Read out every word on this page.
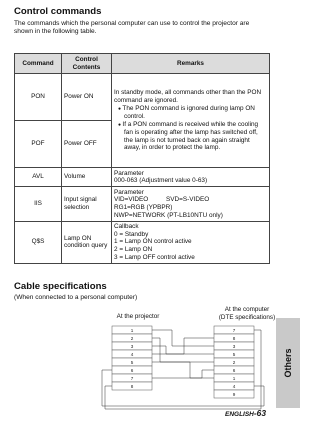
Control commands
The commands which the personal computer can use to control the projector are shown in the following table.
Command	Control Contents	Remarks
PON	Power ON	In standby mode, all commands other than the PON command are ignored.
● The PON command is ignored during lamp ON control.
● If a PON command is received while the cooling fan is operating after the lamp has switched off, the lamp is not turned back on again straight away, in order to protect the lamp.

POF	Power OFF	
AVL	Volume	Parameter
000-063 (Adjustment value 0-63)

IIS	Input signal selection	Parameter
VID=VIDEO          SVD=S-VIDEO
RG1=RGB (YPBPR)
NWP=NETWORK (PT-LB10NTU only)

Q$S	Lamp ON condition query	Callback
0 = Standby
1 = Lamp ON control active
2 = Lamp ON
3 = Lamp OFF control active
Cable specifications
(When connected to a personal computer)
At the projector
At the computer
(DTE specifications)
1
2
3
4
5
6
7
8
7
8
3
5
2
6
1
4
9
Others
ENGLISH-63
